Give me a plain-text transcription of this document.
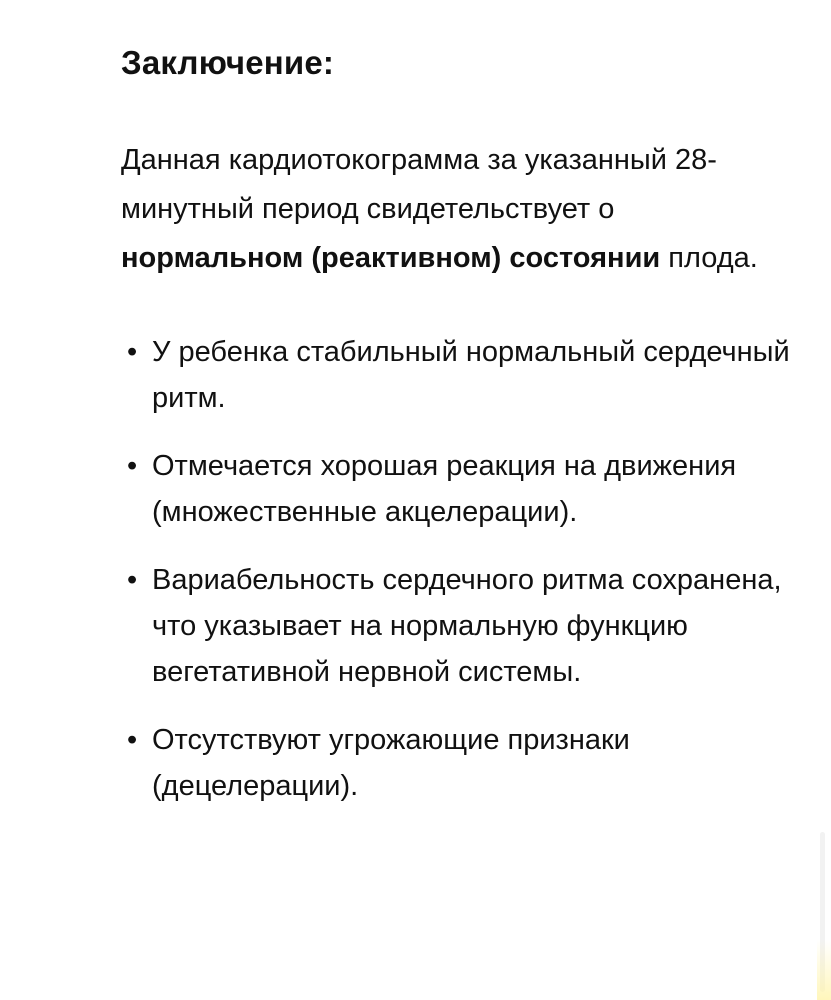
Заключение:

Данная кардиотокограмма за указанный 28-минутный период свидетельствует о нормальном (реактивном) состоянии плода.

• У ребенка стабильный нормальный сердечный ритм.
• Отмечается хорошая реакция на движения (множественные акцелерации).
• Вариабельность сердечного ритма сохранена, что указывает на нормальную функцию вегетативной нервной системы.
• Отсутствуют угрожающие признаки (децелерации).
